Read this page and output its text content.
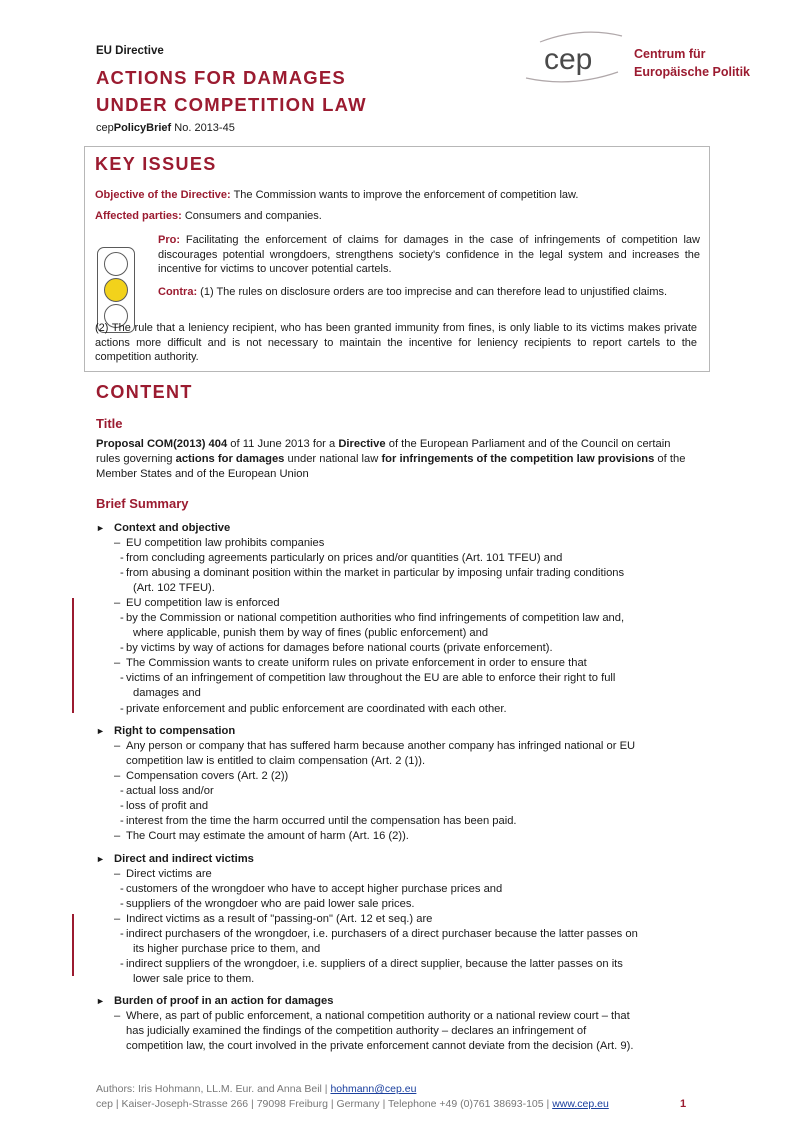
EU Directive
ACTIONS FOR DAMAGES
UNDER COMPETITION LAW
cepPolicyBrief No. 2013-45
cep	Centrum für
Europäische Politik
KEY ISSUES
Objective of the Directive: The Commission wants to improve the enforcement of competition law.
Affected parties: Consumers and companies.
Pro: Facilitating the enforcement of claims for damages in the case of infringements of competition law discourages potential wrongdoers, strengthens society's confidence in the legal system and increases the incentive for victims to uncover potential cartels.
Contra: (1) The rules on disclosure orders are too imprecise and can therefore lead to unjustified claims.
(2) The rule that a leniency recipient, who has been granted immunity from fines, is only liable to its victims makes private actions more difficult and is not necessary to maintain the incentive for leniency recipients to report cartels to the competition authority.
CONTENT
Title
Proposal COM(2013) 404 of 11 June 2013 for a Directive of the European Parliament and of the Council on certain rules governing actions for damages under national law for infringements of the competition law provisions of the Member States and of the European Union
Brief Summary
► Context and objective
– EU competition law prohibits companies
- from concluding agreements particularly on prices and/or quantities (Art. 101 TFEU) and
- from abusing a dominant position within the market in particular by imposing unfair trading conditions
(Art. 102 TFEU).
– EU competition law is enforced
- by the Commission or national competition authorities who find infringements of competition law and,
where applicable, punish them by way of fines (public enforcement) and
- by victims by way of actions for damages before national courts (private enforcement).
– The Commission wants to create uniform rules on private enforcement in order to ensure that
- victims of an infringement of competition law throughout the EU are able to enforce their right to full
damages and
- private enforcement and public enforcement are coordinated with each other.
► Right to compensation
– Any person or company that has suffered harm because another company has infringed national or EU
competition law is entitled to claim compensation (Art. 2 (1)).
– Compensation covers (Art. 2 (2))
- actual loss and/or
- loss of profit and
- interest from the time the harm occurred until the compensation has been paid.
– The Court may estimate the amount of harm (Art. 16 (2)).
► Direct and indirect victims
– Direct victims are
- customers of the wrongdoer who have to accept higher purchase prices and
- suppliers of the wrongdoer who are paid lower sale prices.
– Indirect victims as a result of "passing-on" (Art. 12 et seq.) are
- indirect purchasers of the wrongdoer, i.e. purchasers of a direct purchaser because the latter passes on
its higher purchase price to them, and
- indirect suppliers of the wrongdoer, i.e. suppliers of a direct supplier, because the latter passes on its
lower sale price to them.
► Burden of proof in an action for damages
– Where, as part of public enforcement, a national competition authority or a national review court – that
has judicially examined the findings of the competition authority – declares an infringement of
competition law, the court involved in the private enforcement cannot deviate from the decision (Art. 9).
Authors: Iris Hohmann, LL.M. Eur. and Anna Beil | hohmann@cep.eu
cep | Kaiser-Joseph-Strasse 266 | 79098 Freiburg | Germany | Telephone +49 (0)761 38693-105 | www.cep.eu	1
